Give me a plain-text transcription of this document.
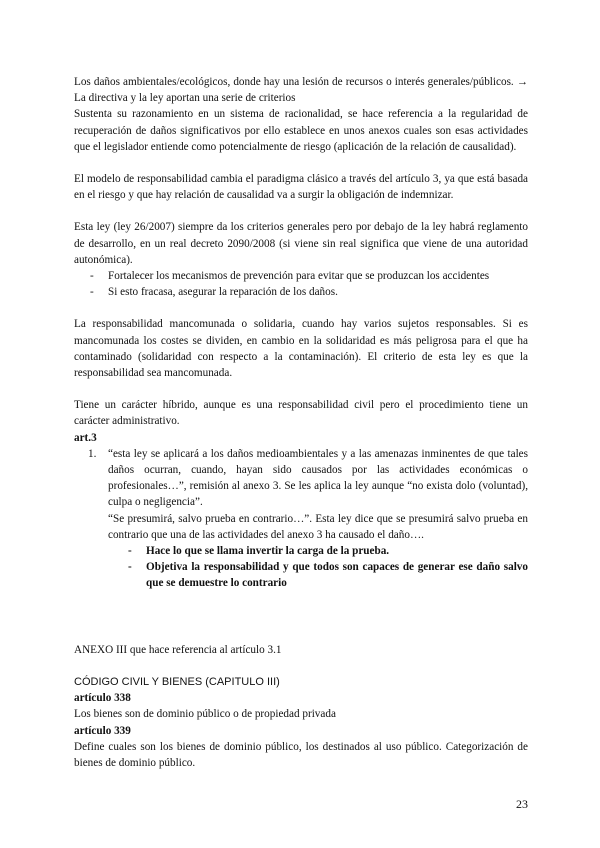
Los daños ambientales/ecológicos, donde hay una lesión de recursos o interés generales/públicos. → La directiva y la ley aportan una serie de criterios

Sustenta su razonamiento en un sistema de racionalidad, se hace referencia a la regularidad de recuperación de daños significativos por ello establece en unos anexos cuales son esas actividades que el legislador entiende como potencialmente de riesgo (aplicación de la relación de causalidad).

El modelo de responsabilidad cambia el paradigma clásico a través del artículo 3, ya que está basada en el riesgo y que hay relación de causalidad va a surgir la obligación de indemnizar.

Esta ley (ley 26/2007) siempre da los criterios generales pero por debajo de la ley habrá reglamento de desarrollo, en un real decreto 2090/2008 (si viene sin real significa que viene de una autoridad autonómica).

- Fortalecer los mecanismos de prevención para evitar que se produzcan los accidentes
- Si esto fracasa, asegurar la reparación de los daños.

La responsabilidad mancomunada o solidaria, cuando hay varios sujetos responsables. Si es mancomunada los costes se dividen, en cambio en la solidaridad es más peligrosa para el que ha contaminado (solidaridad con respecto a la contaminación). El criterio de esta ley es que la responsabilidad sea mancomunada.

Tiene un carácter híbrido, aunque es una responsabilidad civil pero el procedimiento tiene un carácter administrativo.

art.3
1. “esta ley se aplicará a los daños medioambientales y a las amenazas inminentes de que tales daños ocurran, cuando, hayan sido causados por las actividades económicas o profesionales…”, remisión al anexo 3. Se les aplica la ley aunque “no exista dolo (voluntad), culpa o negligencia”.

“Se presumirá, salvo prueba en contrario…”. Esta ley dice que se presumirá salvo prueba en contrario que una de las actividades del anexo 3 ha causado el daño….

- Hace lo que se llama invertir la carga de la prueba.
- Objetiva la responsabilidad y que todos son capaces de generar ese daño salvo que se demuestre lo contrario

ANEXO III que hace referencia al artículo 3.1

CÓDIGO CIVIL Y BIENES (CAPITULO III)
artículo 338

Los bienes son de dominio público o de propiedad privada

artículo 339

Define cuales son los bienes de dominio público, los destinados al uso público. Categorización de bienes de dominio público.

23
